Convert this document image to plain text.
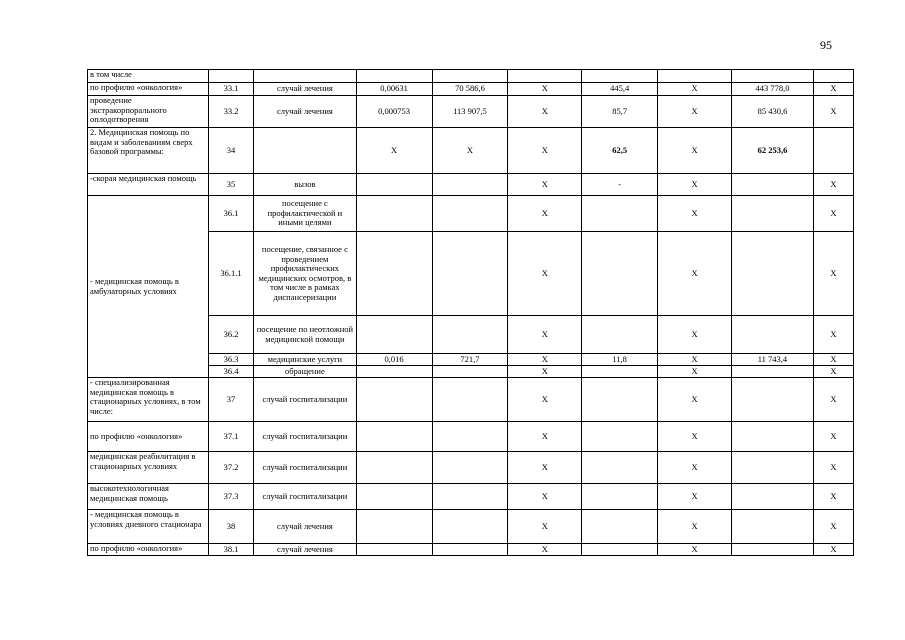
95
в том числе									
по профилю «онкология»	33.1	случай лечения	0,00631	70 586,6	X	445,4	X	443 778,0	X
проведение экстракорпорального оплодотворения	33.2	случай лечения	0,000753	113 907,5	X	85,7	X	85 430,6	X
2. Медицинская помощь по видам и заболеваниям сверх базовой программы:	34		X	X	X	62,5	X	62 253,6	
-скорая медицинская помощь	35	вызов			X	-	X		X
- медицинская помощь в амбулаторных условиях	36.1	посещение с профилактической и иными целями			X		X		X
	36.1.1	посещение, связанное с проведением профилактических медицинских осмотров, в том числе в рамках диспансеризации			X		X		X
	36.2	посещение по неотложной медицинской помощи			X		X		X
	36.3	медицинские услуги	0,016	721,7	X	11,8	X	11 743,4	X
	36.4	обращение			X		X		X
- специализированная медицинская помощь в стационарных условиях, в том числе:	37	случай госпитализации			X		X		X
по профилю «онкология»	37.1	случай госпитализации			X		X		X
медицинская реабилитация в стационарных условиях	37.2	случай госпитализации			X		X		X
высокотехнологичная медицинская помощь	37.3	случай госпитализации			X		X		X
- медицинская помощь в условиях дневного стационара	38	случай лечения			X		X		X
по профилю «онкология»	38.1	случай лечения			X		X		X
